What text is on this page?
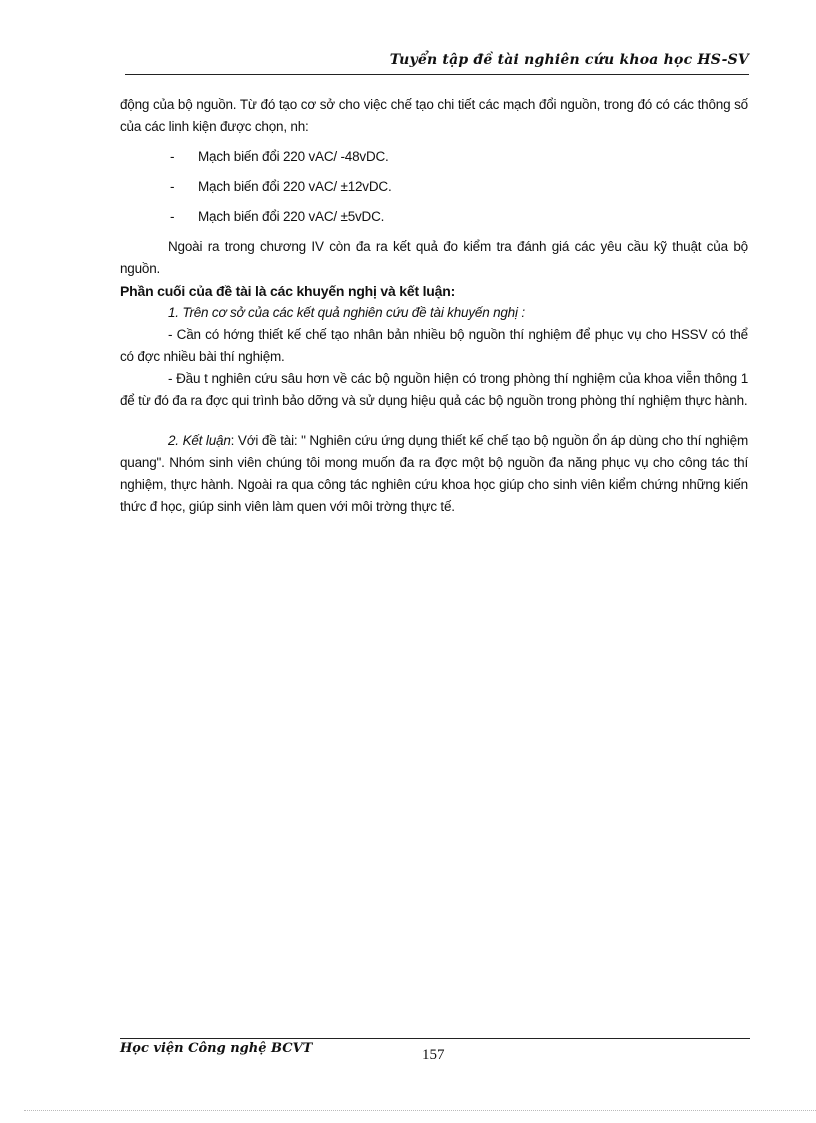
Tuyển tập đề tài nghiên cứu khoa học HS-SV

động của bộ nguồn. Từ đó tạo cơ sở cho việc chế tạo chi tiết các mạch đổi nguồn, trong đó có các thông số của các linh kiện được chọn, nh:

-	Mạch biến đổi 220 vAC/ -48vDC.
-	Mạch biến đổi 220 vAC/ ±12vDC.
-	Mạch biến đổi 220 vAC/ ±5vDC.

Ngoài ra trong chương IV còn đa ra kết quả đo kiểm tra đánh giá các yêu cầu kỹ thuật của bộ nguồn.

Phần cuối của đề tài là các khuyến nghị và kết luận:

1. Trên cơ sở của các kết quả nghiên cứu đề tài khuyến nghị :

- Cần có hớng thiết kế chế tạo nhân bản nhiều bộ nguồn thí nghiệm để phục vụ cho HSSV có thể có đợc nhiều bài thí nghiệm.

- Đầu t nghiên cứu sâu hơn về các bộ nguồn hiện có trong phòng thí nghiệm của khoa viễn thông 1 để từ đó đa ra đợc qui trình bảo dỡng và sử dụng hiệu quả các bộ nguồn trong phòng thí nghiệm thực hành.

2. Kết luận: Với đề tài: " Nghiên cứu ứng dụng thiết kế chế tạo bộ nguồn ổn áp dùng cho thí nghiệm quang". Nhóm sinh viên chúng tôi mong muốn đa ra đợc một bộ nguồn đa năng phục vụ cho công tác thí nghiệm, thực hành. Ngoài ra qua công tác nghiên cứu khoa học giúp cho sinh viên kiểm chứng những kiến thức đ học, giúp sinh viên làm quen với môi trờng thực tế.

Học viện Công nghệ BCVT	157
